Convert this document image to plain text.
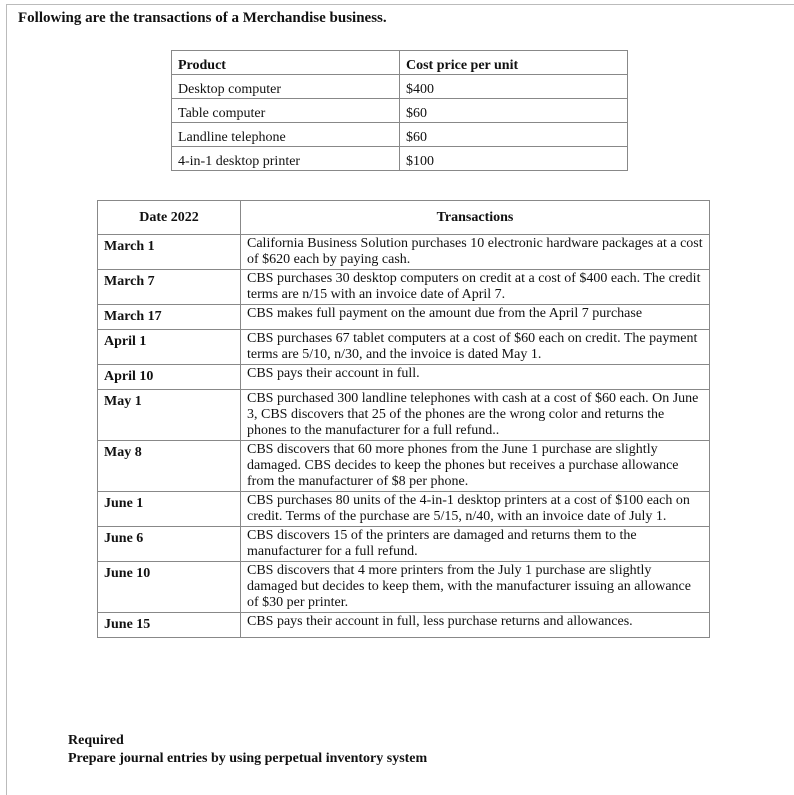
Following are the transactions of a Merchandise business.
Product	Cost price per unit
Desktop computer	$400
Table computer	$60
Landline telephone	$60
4-in-1 desktop printer	$100
Date 2022	Transactions
March 1	California Business Solution purchases 10 electronic hardware packages at a cost of $620 each by paying cash.
March 7	CBS purchases 30 desktop computers on credit at a cost of $400 each. The credit terms are n/15 with an invoice date of April 7.
March 17	CBS makes full payment on the amount due from the April 7 purchase
April 1	CBS purchases 67 tablet computers at a cost of $60 each on credit. The payment terms are 5/10, n/30, and the invoice is dated May 1.
April 10	CBS pays their account in full.
May 1	CBS purchased 300 landline telephones with cash at a cost of $60 each. On June 3, CBS discovers that 25 of the phones are the wrong color and returns the phones to the manufacturer for a full refund..
May 8	CBS discovers that 60 more phones from the June 1 purchase are slightly damaged. CBS decides to keep the phones but receives a purchase allowance from the manufacturer of $8 per phone.
June 1	CBS purchases 80 units of the 4-in-1 desktop printers at a cost of $100 each on credit. Terms of the purchase are 5/15, n/40, with an invoice date of July 1.
June 6	CBS discovers 15 of the printers are damaged and returns them to the manufacturer for a full refund.
June 10	CBS discovers that 4 more printers from the July 1 purchase are slightly damaged but decides to keep them, with the manufacturer issuing an allowance of $30 per printer.
June 15	CBS pays their account in full, less purchase returns and allowances.
Required
Prepare journal entries by using perpetual inventory system
